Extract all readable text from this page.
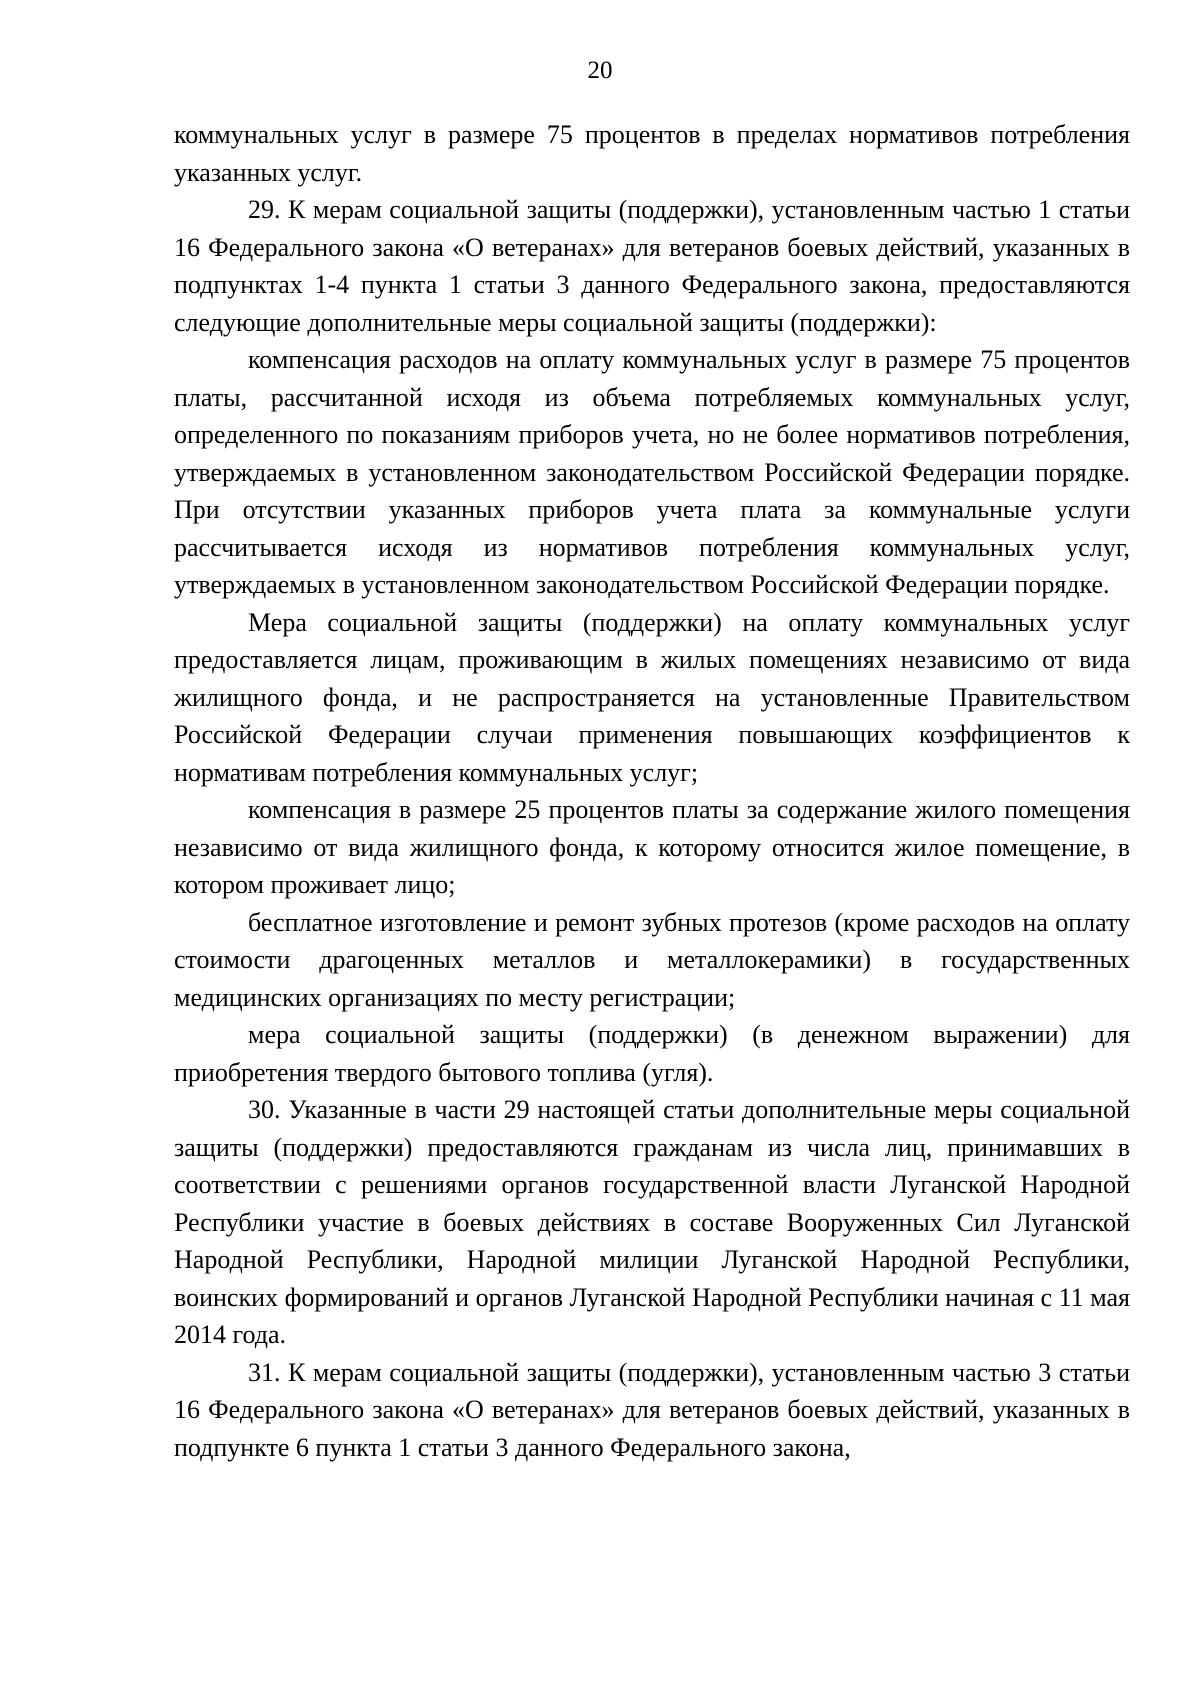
20

коммунальных услуг в размере 75 процентов в пределах нормативов потребления указанных услуг.

29. К мерам социальной защиты (поддержки), установленным частью 1 статьи 16 Федерального закона «О ветеранах» для ветеранов боевых действий, указанных в подпунктах 1-4 пункта 1 статьи 3 данного Федерального закона, предоставляются следующие дополнительные меры социальной защиты (поддержки):

компенсация расходов на оплату коммунальных услуг в размере 75 процентов платы, рассчитанной исходя из объема потребляемых коммунальных услуг, определенного по показаниям приборов учета, но не более нормативов потребления, утверждаемых в установленном законодательством Российской Федерации порядке. При отсутствии указанных приборов учета плата за коммунальные услуги рассчитывается исходя из нормативов потребления коммунальных услуг, утверждаемых в установленном законодательством Российской Федерации порядке.

Мера социальной защиты (поддержки) на оплату коммунальных услуг предоставляется лицам, проживающим в жилых помещениях независимо от вида жилищного фонда, и не распространяется на установленные Правительством Российской Федерации случаи применения повышающих коэффициентов к нормативам потребления коммунальных услуг;

компенсация в размере 25 процентов платы за содержание жилого помещения независимо от вида жилищного фонда, к которому относится жилое помещение, в котором проживает лицо;

бесплатное изготовление и ремонт зубных протезов (кроме расходов на оплату стоимости драгоценных металлов и металлокерамики) в государственных медицинских организациях по месту регистрации;

мера социальной защиты (поддержки) (в денежном выражении) для приобретения твердого бытового топлива (угля).

30. Указанные в части 29 настоящей статьи дополнительные меры социальной защиты (поддержки) предоставляются гражданам из числа лиц, принимавших в соответствии с решениями органов государственной власти Луганской Народной Республики участие в боевых действиях в составе Вооруженных Сил Луганской Народной Республики, Народной милиции Луганской Народной Республики, воинских формирований и органов Луганской Народной Республики начиная с 11 мая 2014 года.

31. К мерам социальной защиты (поддержки), установленным частью 3 статьи 16 Федерального закона «О ветеранах» для ветеранов боевых действий, указанных в подпункте 6 пункта 1 статьи 3 данного Федерального закона,
